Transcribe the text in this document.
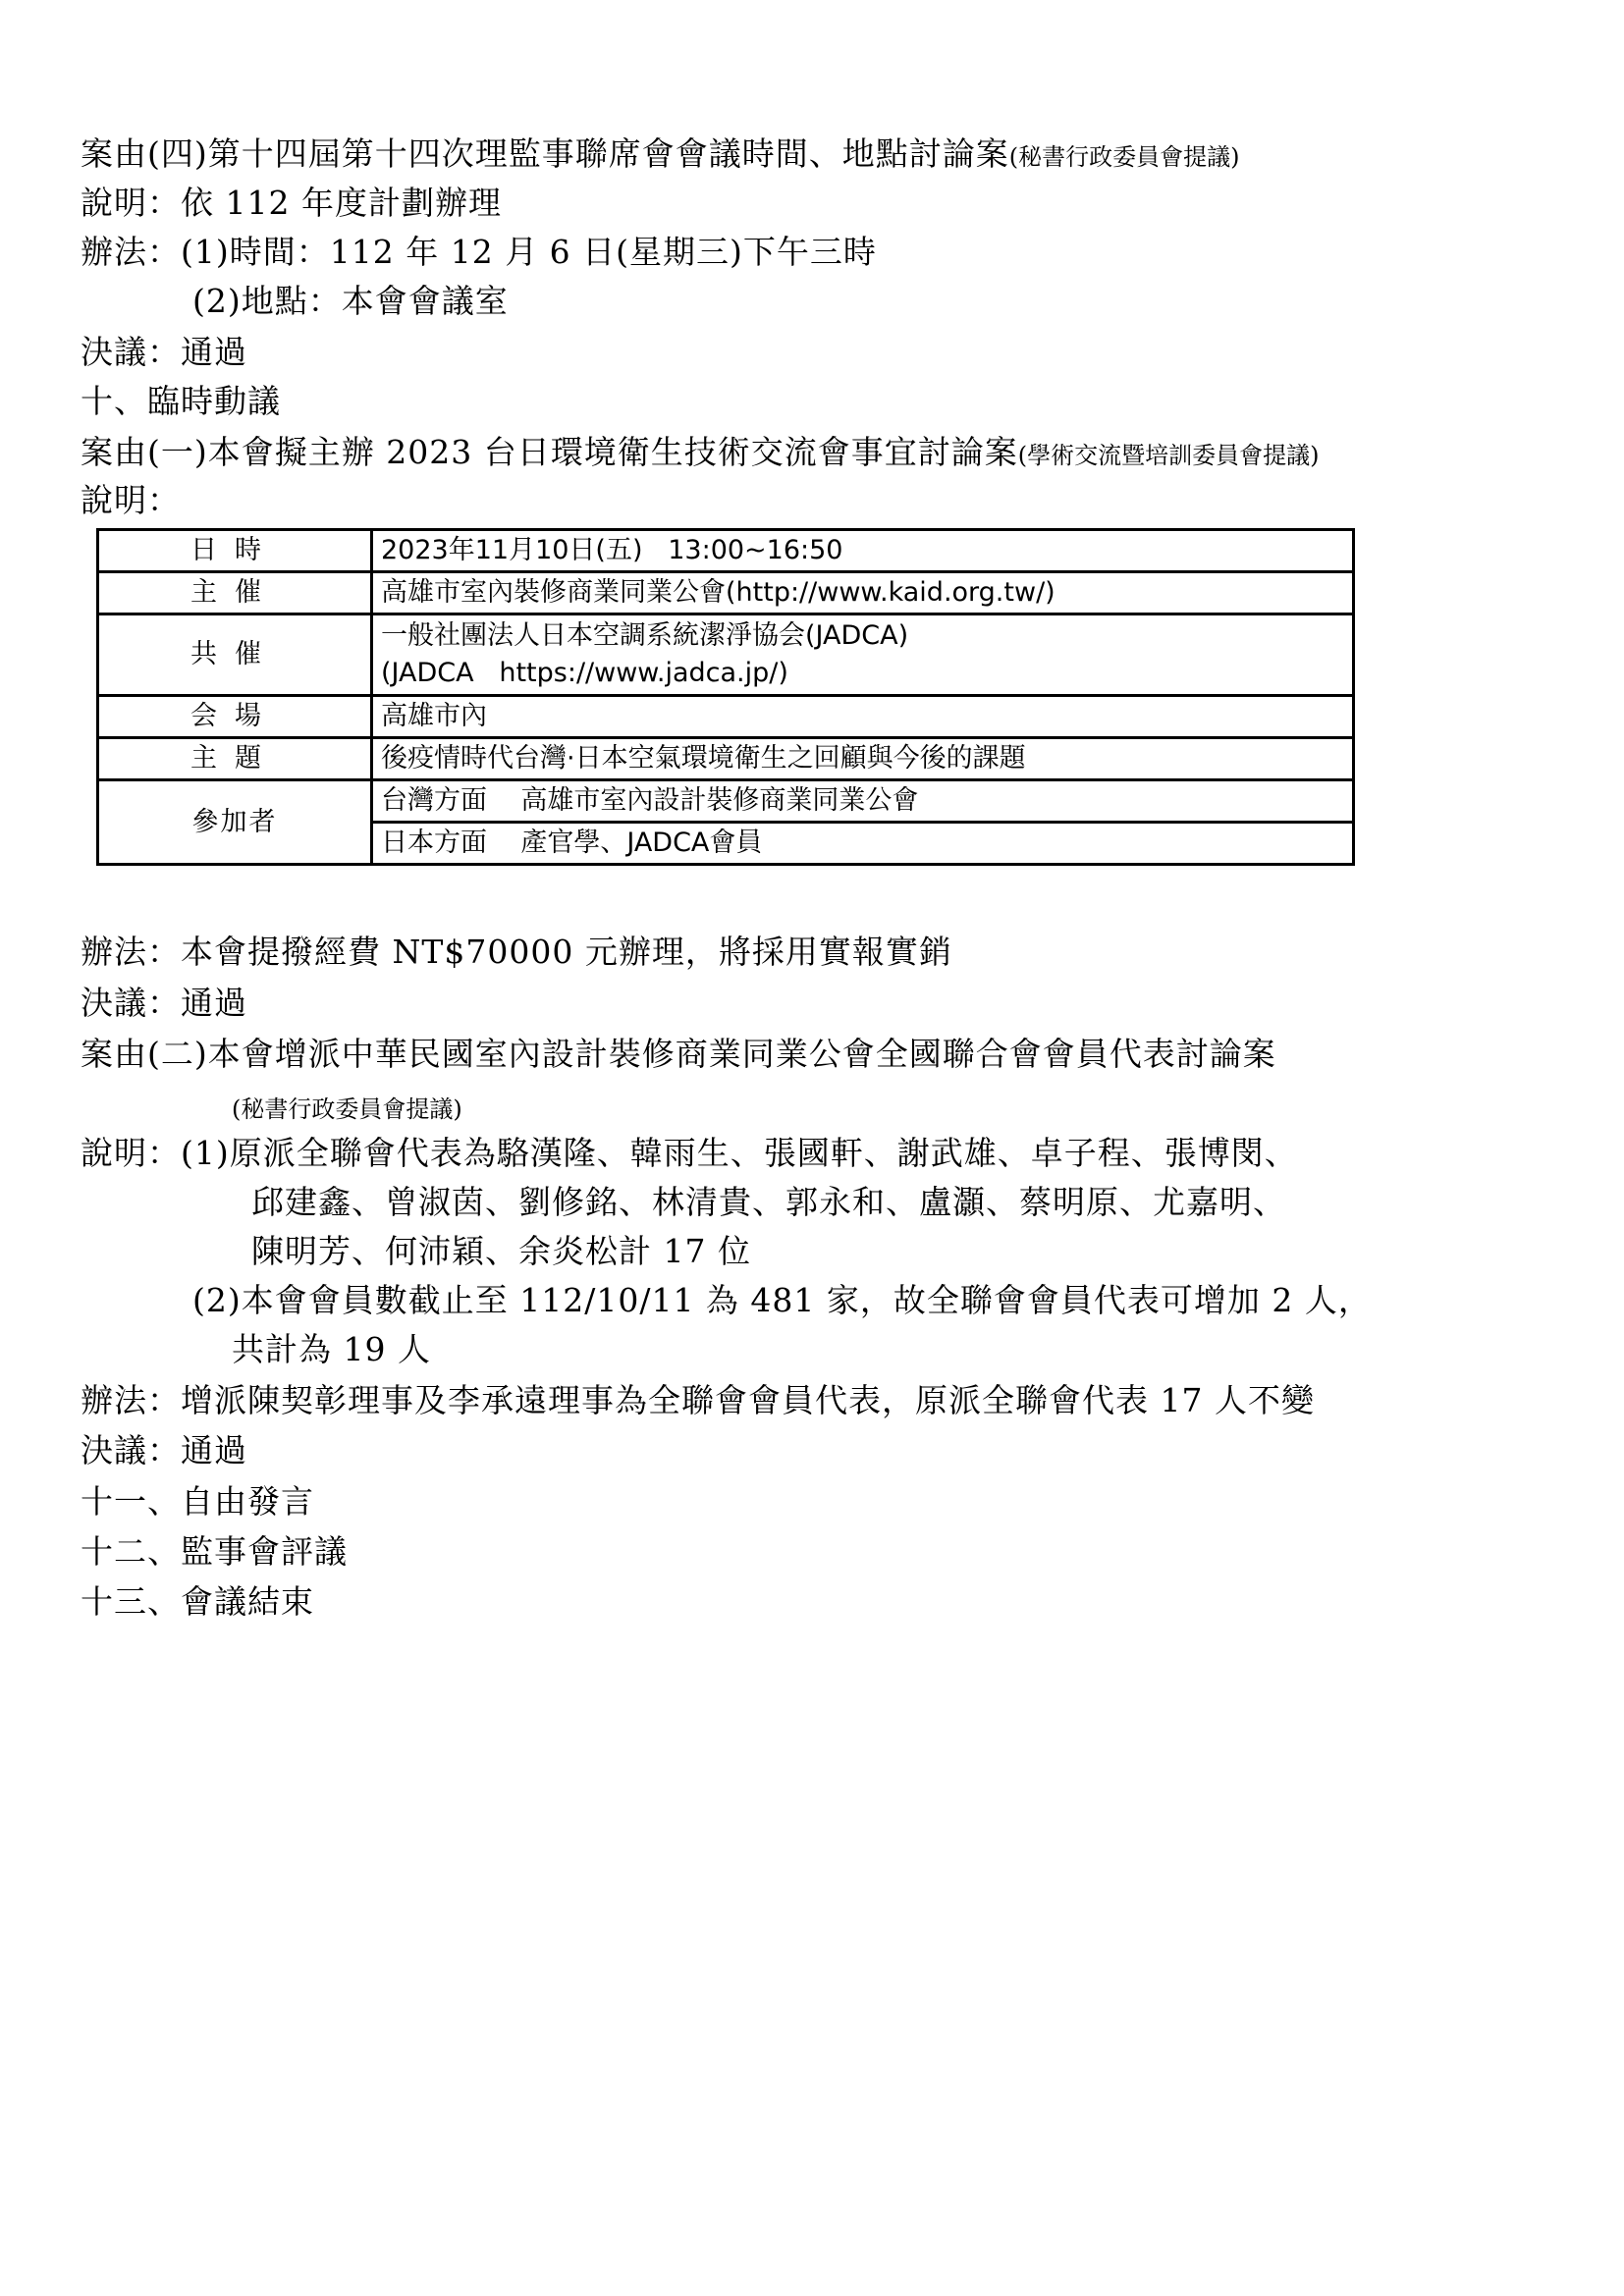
案由(四)第十四屆第十四次理監事聯席會會議時間、地點討論案(秘書行政委員會提議)
說明：依 112 年度計劃辦理
辦法：(1)時間：112 年 12 月 6 日(星期三)下午三時
(2)地點：本會會議室
決議：通過
十、臨時動議
案由(一)本會擬主辦 2023 台日環境衛生技術交流會事宜討論案(學術交流暨培訓委員會提議)
說明：
日時	2023年11月10日(五)   13:00~16:50
主催	高雄市室內裝修商業同業公會(http://www.kaid.org.tw/)
共催	一般社團法人日本空調系統潔淨協会(JADCA)
(JADCA   https://www.jadca.jp/)

会場	高雄市內
主題	後疫情時代台灣·日本空氣環境衛生之回顧與今後的課題
參加者	台灣方面    高雄市室內設計裝修商業同業公會
	日本方面    產官學、JADCA會員
辦法：本會提撥經費 NT$70000 元辦理，將採用實報實銷
決議：通過
案由(二)本會增派中華民國室內設計裝修商業同業公會全國聯合會會員代表討論案
(秘書行政委員會提議)
說明：(1)原派全聯會代表為駱漢隆、韓雨生、張國軒、謝武雄、卓子程、張博閔、
邱建鑫、曾淑茵、劉修銘、林清貴、郭永和、盧灝、蔡明原、尤嘉明、
陳明芳、何沛穎、余炎松計 17 位
(2)本會會員數截止至 112/10/11 為 481 家，故全聯會會員代表可增加 2 人，
共計為 19 人
辦法：增派陳契彰理事及李承遠理事為全聯會會員代表，原派全聯會代表 17 人不變
決議：通過
十一、自由發言
十二、監事會評議
十三、會議結束
